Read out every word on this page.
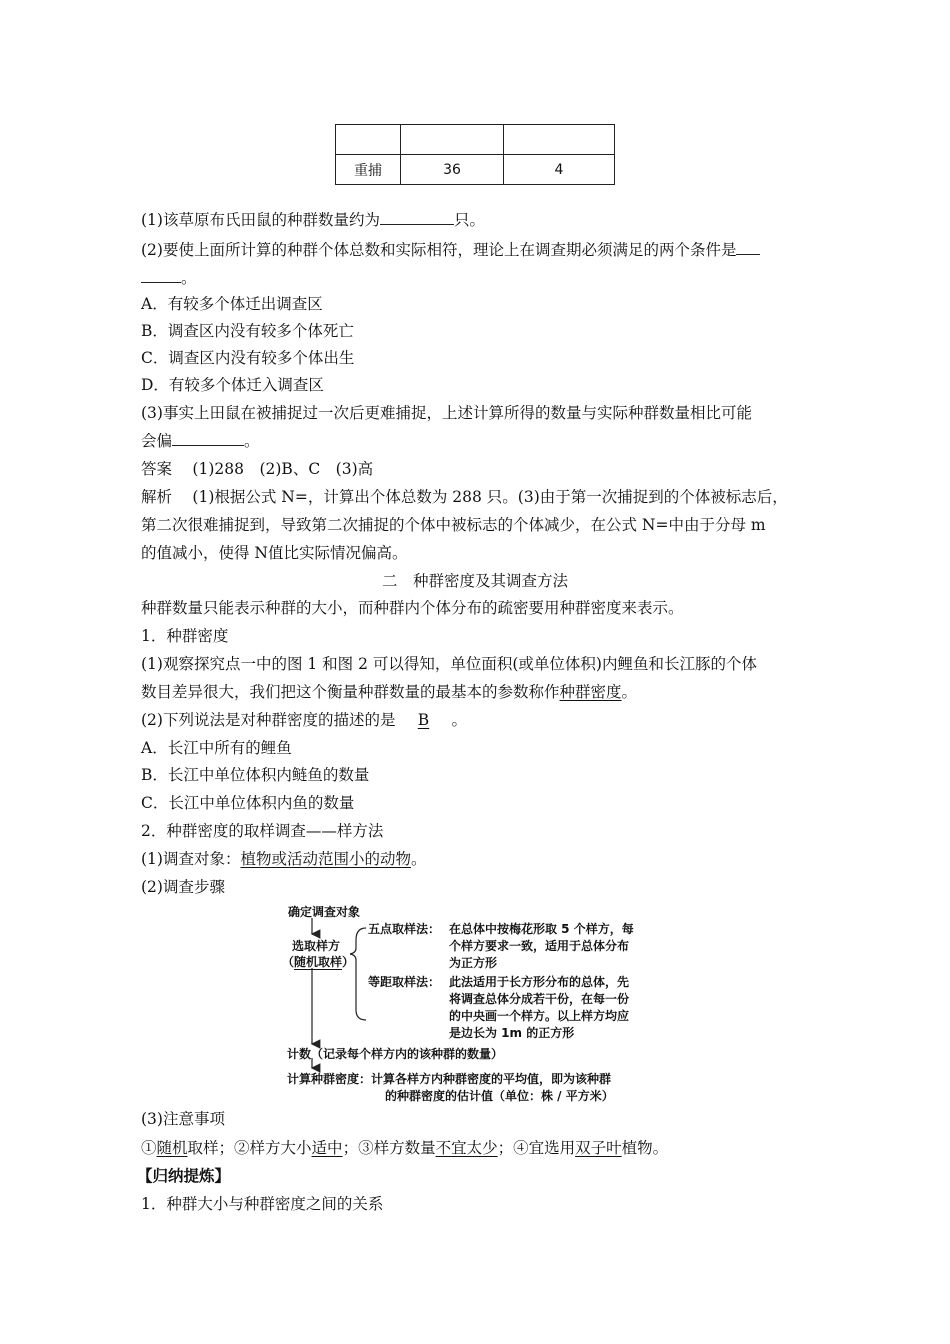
重捕	36	4
(1)该草原布氏田鼠的种群数量约为	只。
(2)要使上面所计算的种群个体总数和实际相符，理论上在调查期必须满足的两个条件是
。
A．有较多个体迁出调查区
B．调查区内没有较多个体死亡
C．调查区内没有较多个体出生
D．有较多个体迁入调查区
(3)事实上田鼠在被捕捉过一次后更难捕捉，上述计算所得的数量与实际种群数量相比可能
会偏	。
答案　 (1)288　(2)B、C　(3)高
解析　 (1)根据公式 N=，计算出个体总数为 288 只。(3)由于第一次捕捉到的个体被标志后，
第二次很难捕捉到，导致第二次捕捉的个体中被标志的个体减少，在公式 N=中由于分母 m
的值减小，使得 N值比实际情况偏高。
二　种群密度及其调查方法
种群数量只能表示种群的大小，而种群内个体分布的疏密要用种群密度来表示。
1．种群密度
(1)观察探究点一中的图 1 和图 2 可以得知，单位面积(或单位体积)内鲤鱼和长江豚的个体
数目差异很大，我们把这个衡量种群数量的最基本的参数称作种群密度。
(2)下列说法是对种群密度的描述的是 B 。
A．长江中所有的鲤鱼
B．长江中单位体积内鲢鱼的数量
C．长江中单位体积内鱼的数量
2．种群密度的取样调查——样方法
(1)调查对象：植物或活动范围小的动物。
(2)调查步骤
确定调查对象
选取样方
（随机取样）
五点取样法： 在总体中按梅花形取 5 个样方，每
个样方要求一致，适用于总体分布
为正方形
等距取样法： 此法适用于长方形分布的总体，先
将调查总体分成若干份，在每一份
的中央画一个样方。以上样方均应
是边长为 1m 的正方形
计数（记录每个样方内的该种群的数量）
计算种群密度：计算各样方内种群密度的平均值，即为该种群
的种群密度的估计值（单位：株 / 平方米）
(3)注意事项
①随机取样；②样方大小适中；③样方数量不宜太少；④宜选用双子叶植物。
【归纳提炼】
1．种群大小与种群密度之间的关系
